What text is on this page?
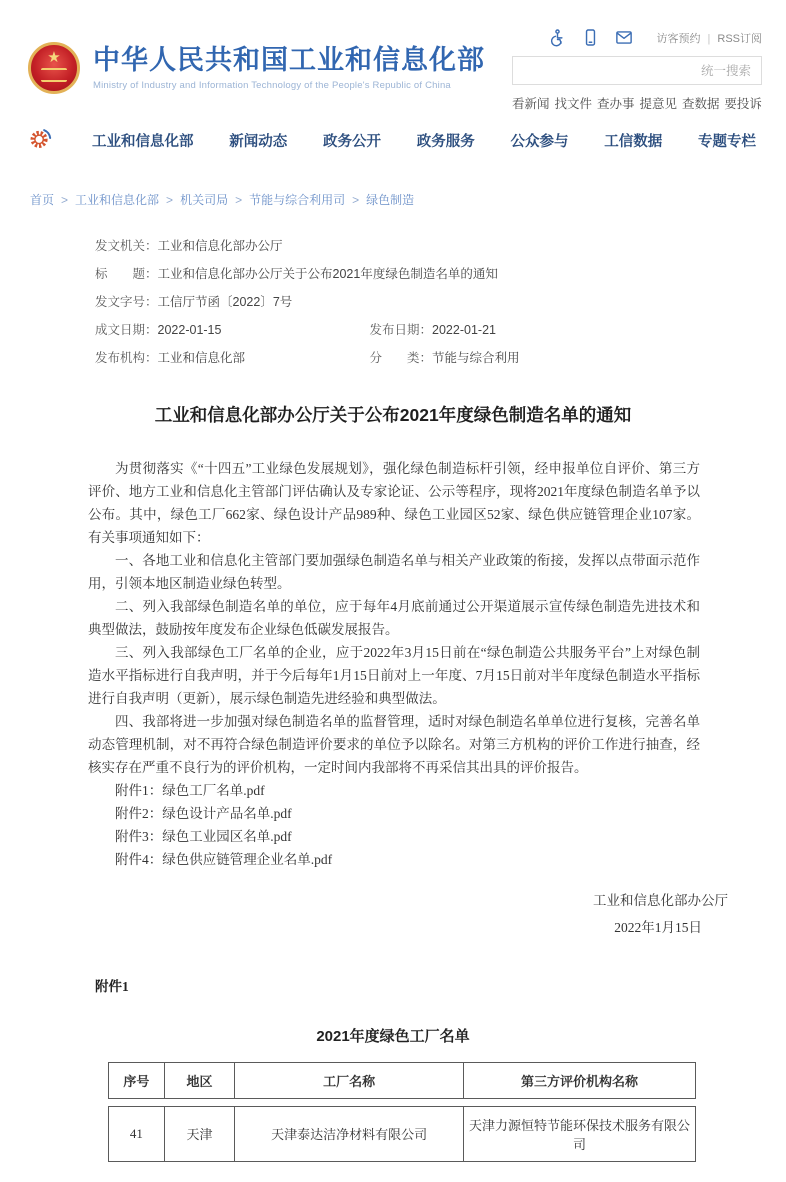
★
中华人民共和国工业和信息化部
Ministry of Industry and Information Technology of the People's Republic of China
访客预约 | RSS订阅
统一搜索
看新闻 找文件 查办事 提意见 查数据 要投诉
工业和信息化部 新闻动态 政务公开 政务服务 公众参与 工信数据 专题专栏
首页 > 工业和信息化部 > 机关司局 > 节能与综合利用司 > 绿色制造
发文机关：工业和信息化部办公厅
标　　题：工业和信息化部办公厅关于公布2021年度绿色制造名单的通知
发文字号：工信厅节函〔2022〕7号
成文日期：2022-01-15	发布日期：2022-01-21
发布机构：工业和信息化部	分　　类：节能与综合利用
工业和信息化部办公厅关于公布2021年度绿色制造名单的通知

为贯彻落实《“十四五”工业绿色发展规划》，强化绿色制造标杆引领，经申报单位自评价、第三方评价、地方工业和信息化主管部门评估确认及专家论证、公示等程序，现将2021年度绿色制造名单予以公布。其中，绿色工厂662家、绿色设计产品989种、绿色工业园区52家、绿色供应链管理企业107家。有关事项通知如下：

一、各地工业和信息化主管部门要加强绿色制造名单与相关产业政策的衔接，发挥以点带面示范作用，引领本地区制造业绿色转型。

二、列入我部绿色制造名单的单位，应于每年4月底前通过公开渠道展示宣传绿色制造先进技术和典型做法，鼓励按年度发布企业绿色低碳发展报告。

三、列入我部绿色工厂名单的企业，应于2022年3月15日前在“绿色制造公共服务平台”上对绿色制造水平指标进行自我声明，并于今后每年1月15日前对上一年度、7月15日前对半年度绿色制造水平指标进行自我声明（更新），展示绿色制造先进经验和典型做法。

四、我部将进一步加强对绿色制造名单的监督管理，适时对绿色制造名单单位进行复核，完善名单动态管理机制，对不再符合绿色制造评价要求的单位予以除名。对第三方机构的评价工作进行抽查，经核实存在严重不良行为的评价机构，一定时间内我部将不再采信其出具的评价报告。

附件1：绿色工厂名单.pdf
附件2：绿色设计产品名单.pdf
附件3：绿色工业园区名单.pdf
附件4：绿色供应链管理企业名单.pdf
工业和信息化部办公厅
2022年1月15日
附件1
2021年度绿色工厂名单
序号	地区	工厂名称	第三方评价机构名称
41	天津	天津泰达洁净材料有限公司	天津力源恒特节能环保技术服务有限公司
